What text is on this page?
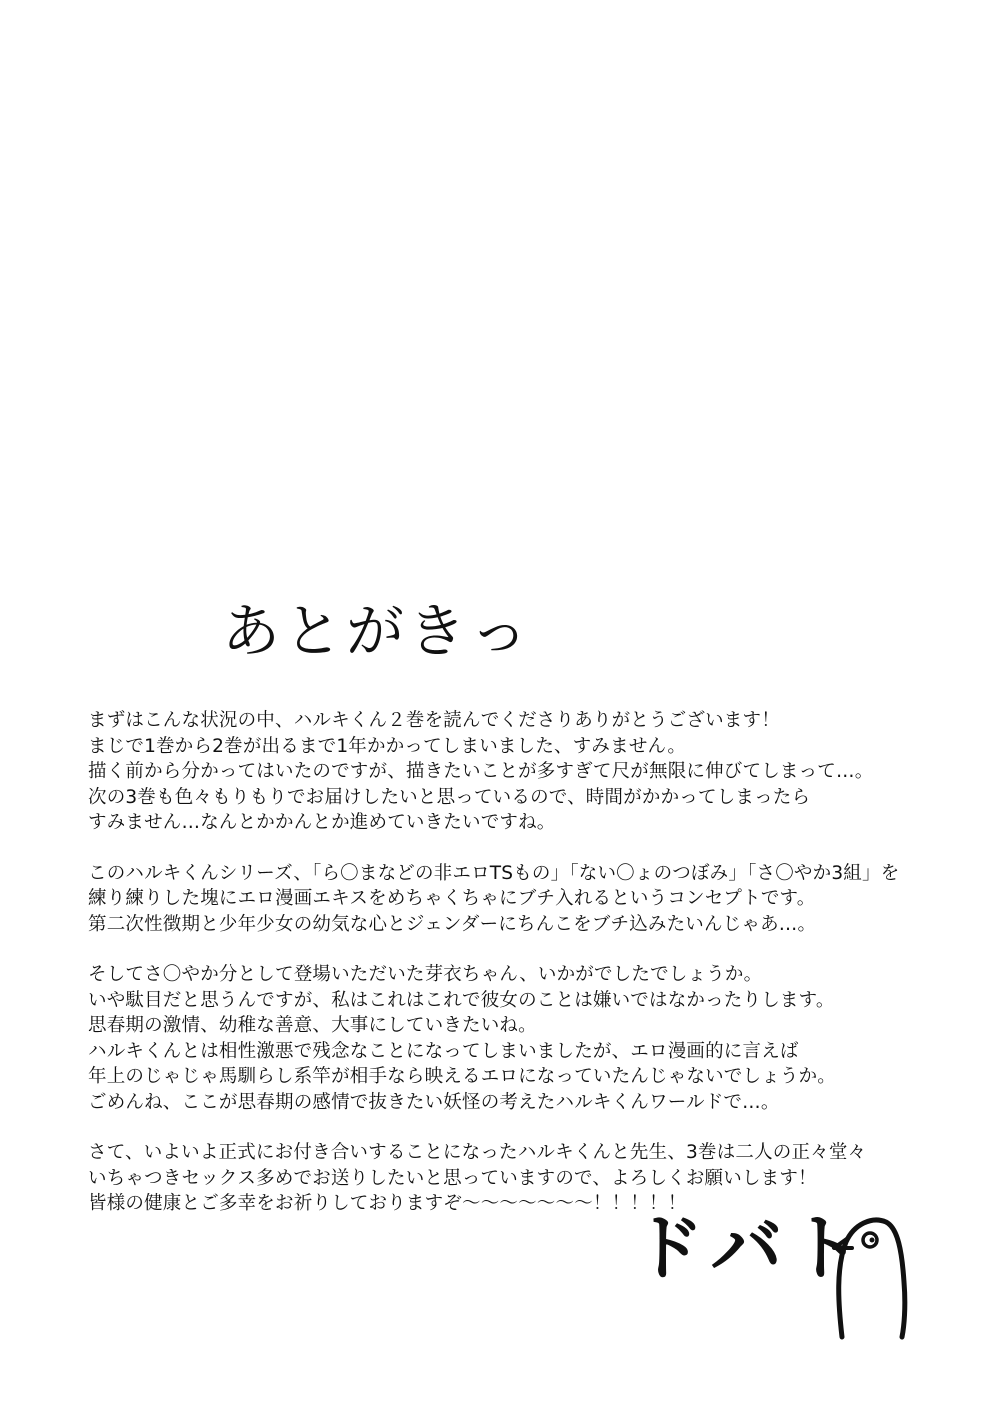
あとがきっ
まずはこんな状況の中、ハルキくん２巻を読んでくださりありがとうございます！
まじで1巻から2巻が出るまで1年かかってしまいました、すみません。
描く前から分かってはいたのですが、描きたいことが多すぎて尺が無限に伸びてしまって…。
次の3巻も色々もりもりでお届けしたいと思っているので、時間がかかってしまったら
すみません…なんとかかんとか進めていきたいですね。
このハルキくんシリーズ、「ら〇まなどの非エロTSもの」「ない〇ょのつぼみ」「さ〇やか3組」を
練り練りした塊にエロ漫画エキスをめちゃくちゃにブチ入れるというコンセプトです。
第二次性徴期と少年少女の幼気な心とジェンダーにちんこをブチ込みたいんじゃあ…。
そしてさ〇やか分として登場いただいた芽衣ちゃん、いかがでしたでしょうか。
いや駄目だと思うんですが、私はこれはこれで彼女のことは嫌いではなかったりします。
思春期の激情、幼稚な善意、大事にしていきたいね。
ハルキくんとは相性激悪で残念なことになってしまいましたが、エロ漫画的に言えば
年上のじゃじゃ馬馴らし系竿が相手なら映えるエロになっていたんじゃないでしょうか。
ごめんね、ここが思春期の感情で抜きたい妖怪の考えたハルキくんワールドで…。
さて、いよいよ正式にお付き合いすることになったハルキくんと先生、3巻は二人の正々堂々
いちゃつきセックス多めでお送りしたいと思っていますので、よろしくお願いします！
皆様の健康とご多幸をお祈りしておりますぞ〜〜〜〜〜〜〜！！！！！
ドバト
